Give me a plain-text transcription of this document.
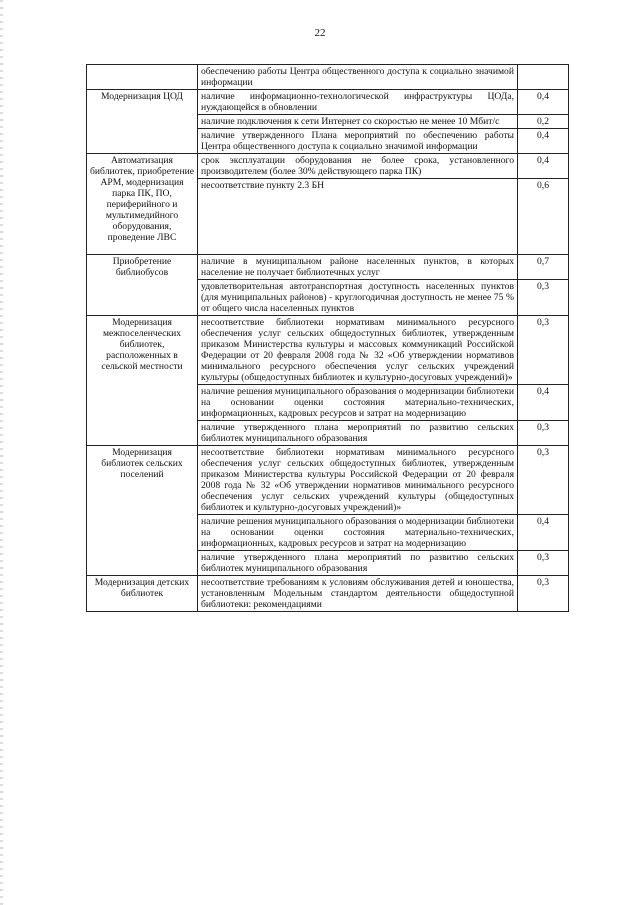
22
	обеспечению работы Центра общественного доступа к социально значимой информации	
Модернизация ЦОД	наличие информационно-технологической инфраструктуры ЦОДа, нуждающейся в обновлении	0,4
	наличие подключения к сети Интернет со скоростью не менее 10 Мбит/с	0,2
	наличие утвержденного Плана мероприятий по обеспечению работы Центра общественного доступа к социально значимой информации	0,4
Автоматизация библиотек, приобретение АРМ, модернизация парка ПК, ПО, периферийного и мультимедийного оборудования, проведение ЛВС	срок эксплуатации оборудования не более срока, установленного производителем (более 30% действующего парка ПК)	0,4
	несоответствие пункту 2.3 БН	0,6
Приобретение библиобусов	наличие в муниципальном районе населенных пунктов, в которых население не получает библиотечных услуг	0,7
	удовлетворительная автотранспортная доступность населенных пунктов (для муниципальных районов) - круглогодичная доступность не менее 75 % от общего числа населенных пунктов	0,3
Модернизация межпоселенческих библиотек, расположенных в сельской местности	несоответствие библиотеки нормативам минимального ресурсного обеспечения услуг сельских общедоступных библиотек, утвержденным приказом Министерства культуры и массовых коммуникаций Российской Федерации от 20 февраля 2008 года № 32 «Об утверждении нормативов минимального ресурсного обеспечения услуг сельских учреждений культуры (общедоступных библиотек и культурно-досуговых учреждений)»	0,3
	наличие решения муниципального образования о модернизации библиотеки на основании оценки состояния материально-технических, информационных, кадровых ресурсов и затрат на модернизацию	0,4
	наличие утвержденного плана мероприятий по развитию сельских библиотек муниципального образования	0,3
Модернизация библиотек сельских поселений	несоответствие библиотеки нормативам минимального ресурсного обеспечения услуг сельских общедоступных библиотек, утвержденным приказом Министерства культуры Российской Федерации от 20 февраля 2008 года № 32 «Об утверждении нормативов минимального ресурсного обеспечения услуг сельских учреждений культуры (общедоступных библиотек и культурно-досуговых учреждений)»	0,3
	наличие решения муниципального образования о модернизации библиотеки на основании оценки состояния материально-технических, информационных, кадровых ресурсов и затрат на модернизацию	0,4
	наличие утвержденного плана мероприятий по развитию сельских библиотек муниципального образования	0,3
Модернизация детских библиотек	несоответствие требованиям к условиям обслуживания детей и юношества, установленным Модельным стандартом деятельности общедоступной библиотеки: рекомендациями	0,3
